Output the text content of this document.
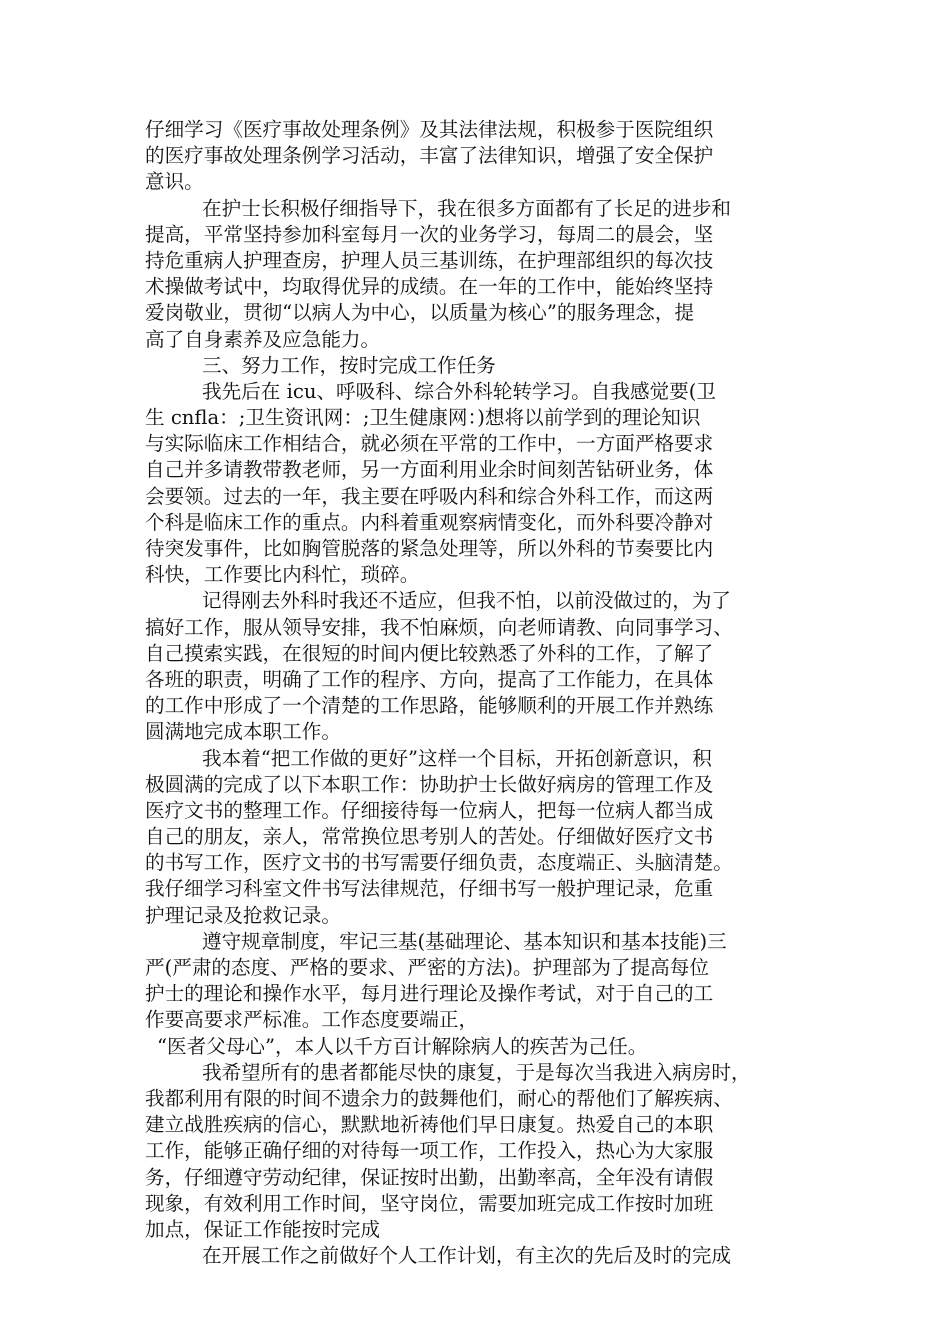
仔细学习《医疗事故处理条例》及其法律法规，积极参于医院组织
的医疗事故处理条例学习活动，丰富了法律知识，增强了安全保护
意识。
在护士长积极仔细指导下，我在很多方面都有了长足的进步和
提高，平常坚持参加科室每月一次的业务学习，每周二的晨会，坚
持危重病人护理查房，护理人员三基训练，在护理部组织的每次技
术操做考试中，均取得优异的成绩。在一年的工作中，能始终坚持
爱岗敬业，贯彻“以病人为中心，以质量为核心”的服务理念，提
高了自身素养及应急能力。
三、努力工作，按时完成工作任务
我先后在 icu、呼吸科、综合外科轮转学习。自我感觉要(卫
生 cnfla：;卫生资讯网：;卫生健康网：)想将以前学到的理论知识
与实际临床工作相结合，就必须在平常的工作中，一方面严格要求
自己并多请教带教老师，另一方面利用业余时间刻苦钻研业务，体
会要领。过去的一年，我主要在呼吸内科和综合外科工作，而这两
个科是临床工作的重点。内科着重观察病情变化，而外科要冷静对
待突发事件，比如胸管脱落的紧急处理等，所以外科的节奏要比内
科快，工作要比内科忙，琐碎。
记得刚去外科时我还不适应，但我不怕，以前没做过的，为了
搞好工作，服从领导安排，我不怕麻烦，向老师请教、向同事学习、
自己摸索实践，在很短的时间内便比较熟悉了外科的工作，了解了
各班的职责，明确了工作的程序、方向，提高了工作能力，在具体
的工作中形成了一个清楚的工作思路，能够顺利的开展工作并熟练
圆满地完成本职工作。
我本着“把工作做的更好”这样一个目标，开拓创新意识，积
极圆满的完成了以下本职工作：协助护士长做好病房的管理工作及
医疗文书的整理工作。仔细接待每一位病人，把每一位病人都当成
自己的朋友，亲人，常常换位思考别人的苦处。仔细做好医疗文书
的书写工作，医疗文书的书写需要仔细负责，态度端正、头脑清楚。
我仔细学习科室文件书写法律规范，仔细书写一般护理记录，危重
护理记录及抢救记录。
遵守规章制度，牢记三基(基础理论、基本知识和基本技能)三
严(严肃的态度、严格的要求、严密的方法)。护理部为了提高每位
护士的理论和操作水平，每月进行理论及操作考试，对于自己的工
作要高要求严标准。工作态度要端正，
“医者父母心”，本人以千方百计解除病人的疾苦为己任。
我希望所有的患者都能尽快的康复，于是每次当我进入病房时，
我都利用有限的时间不遗余力的鼓舞他们，耐心的帮他们了解疾病、
建立战胜疾病的信心，默默地祈祷他们早日康复。热爱自己的本职
工作，能够正确仔细的对待每一项工作，工作投入，热心为大家服
务，仔细遵守劳动纪律，保证按时出勤，出勤率高，全年没有请假
现象，有效利用工作时间，坚守岗位，需要加班完成工作按时加班
加点，保证工作能按时完成
在开展工作之前做好个人工作计划，有主次的先后及时的完成
